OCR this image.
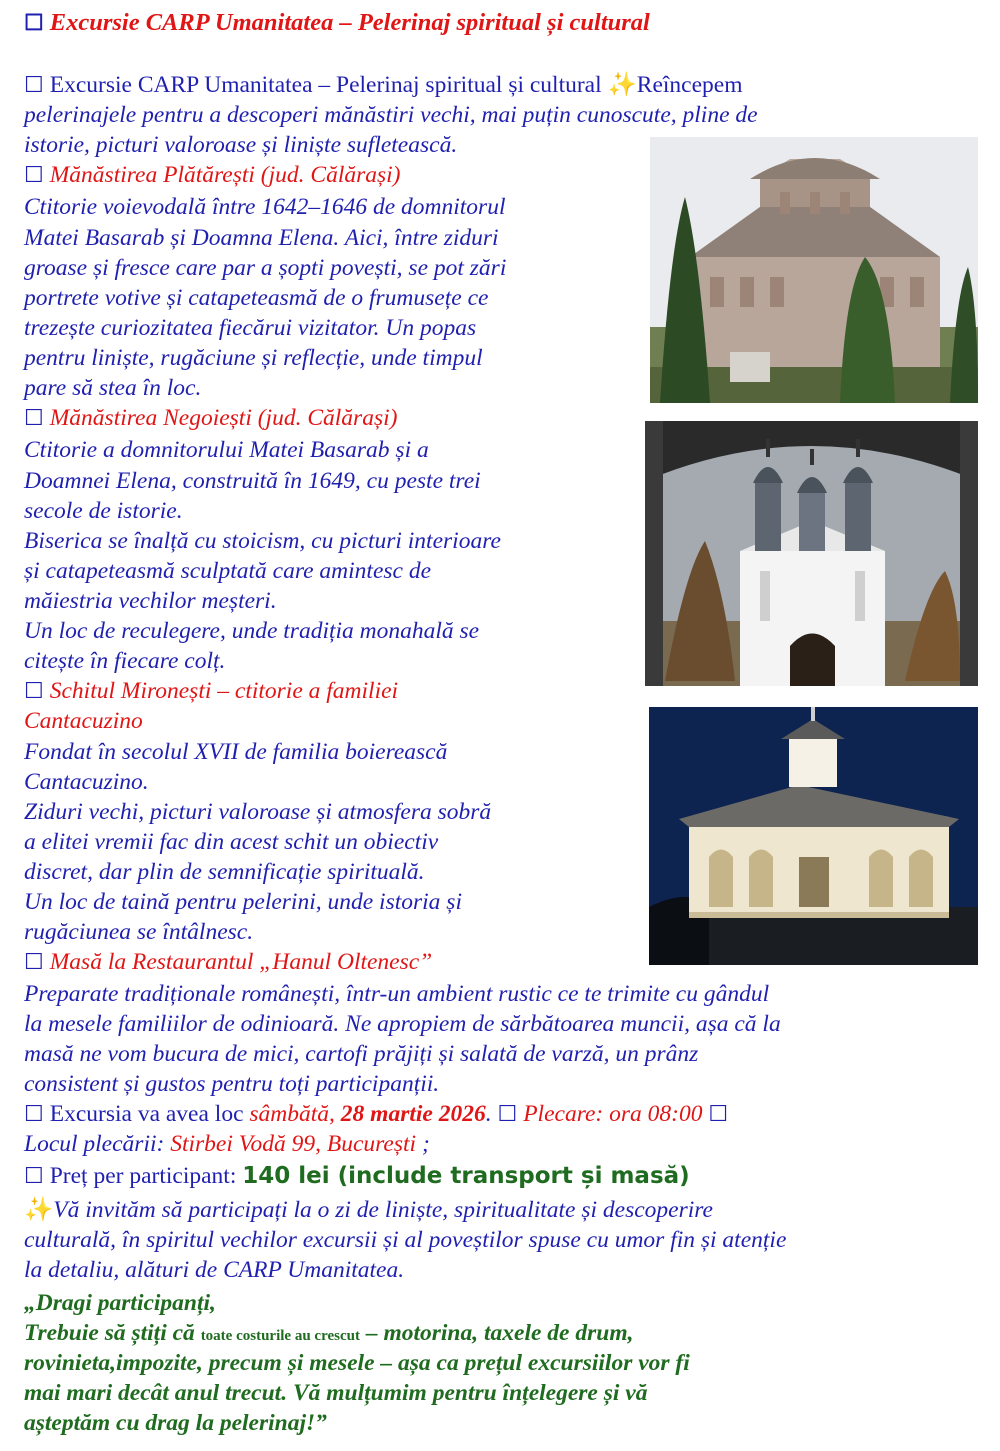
☐ Excursie CARP Umanitatea – Pelerinaj spiritual și cultural
☐ Excursie CARP Umanitatea – Pelerinaj spiritual și cultural ✨Reîncepem
pelerinajele pentru a descoperi mănăstiri vechi, mai puțin cunoscute, pline de
istorie, picturi valoroase și liniște sufletească.
☐ Mănăstirea Plătărești (jud. Călărași)
Ctitorie voievodală între 1642–1646 de domnitorul
Matei Basarab și Doamna Elena. Aici, între ziduri
groase și fresce care par a șopti povești, se pot zări
portrete votive și catapeteasmă de o frumusețe ce
trezește curiozitatea fiecărui vizitator. Un popas
pentru liniște, rugăciune și reflecție, unde timpul
pare să stea în loc.
☐ Mănăstirea Negoiești (jud. Călărași)
Ctitorie a domnitorului Matei Basarab și a
Doamnei Elena, construită în 1649, cu peste trei
secole de istorie.
Biserica se înalță cu stoicism, cu picturi interioare
și catapeteasmă sculptată care amintesc de
măiestria vechilor meșteri.
Un loc de reculegere, unde tradiția monahală se
citește în fiecare colț.
☐ Schitul Mironești – ctitorie a familiei
Cantacuzino
Fondat în secolul XVII de familia boierească
Cantacuzino.
Ziduri vechi, picturi valoroase și atmosfera sobră
a elitei vremii fac din acest schit un obiectiv
discret, dar plin de semnificație spirituală.
Un loc de taină pentru pelerini, unde istoria și
rugăciunea se întâlnesc.
☐ Masă la Restaurantul „Hanul Oltenesc”
Preparate tradiționale românești, într-un ambient rustic ce te trimite cu gândul
la mesele familiilor de odinioară. Ne apropiem de sărbătoarea muncii, așa că la
masă ne vom bucura de mici, cartofi prăjiți și salată de varză, un prânz
consistent și gustos pentru toți participanții.
☐ Excursia va avea loc sâmbătă, 28 martie 2026. ☐ Plecare: ora 08:00 ☐
Locul plecării: Stirbei Vodă 99, București ;
☐ Preț per participant: 140 lei (include transport și masă)
✨Vă invităm să participați la o zi de liniște, spiritualitate și descoperire
culturală, în spiritul vechilor excursii și al poveștilor spuse cu umor fin și atenție
la detaliu, alături de CARP Umanitatea.
„Dragi participanți,
Trebuie să știți că toate costurile au crescut – motorina, taxele de drum,
rovinieta,impozite, precum și mesele – așa ca prețul excursiilor vor fi
mai mari decât anul trecut. Vă mulțumim pentru înțelegere și vă
așteptăm cu drag la pelerinaj!”
